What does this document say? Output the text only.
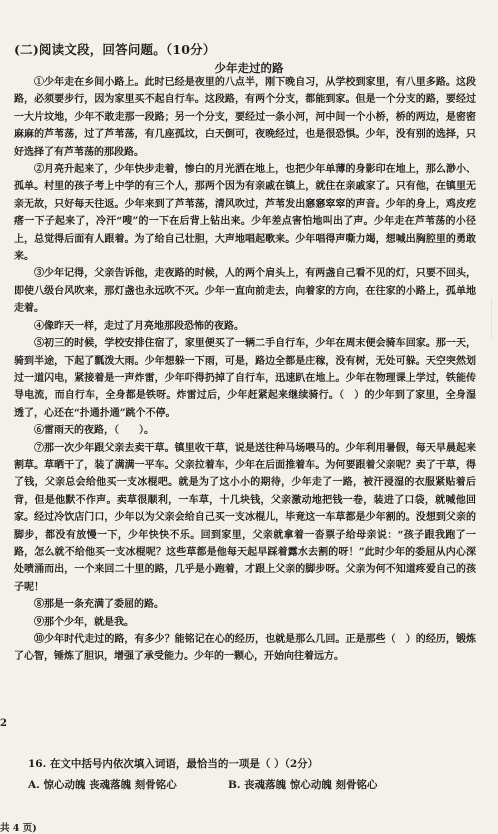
(二)阅读文段，回答问题。（10分）
少年走过的路

①少年走在乡间小路上。此时已经是夜里的八点半，刚下晚自习，从学校到家里，有八里多路。这段路，必须要步行，因为家里买不起自行车。这段路，有两个分支，都能到家。但是一个分支的路，要经过一大片坟地，少年不敢走那一段路；另一个分支，要经过一条小河，河中间一个小桥，桥的两边，是密密麻麻的芦苇荡，过了芦苇荡，有几座孤坟，白天倒可，夜晚经过，也是很恐惧。少年，没有别的选择，只好选择了有芦苇荡的那段路。

②月亮升起来了，少年快步走着，惨白的月光洒在地上，也把少年单薄的身影印在地上，那么渺小、孤单。村里的孩子考上中学的有三个人，那两个因为有亲戚在镇上，就住在亲戚家了。只有他，在镇里无亲无故，只好每天往返。少年来到了芦苇荡，清风吹过，芦苇发出窸窸窣窣的声音。少年的身上，鸡皮疙瘩一下子起来了，冷汗“嗖”的一下在后背上钻出来。少年差点害怕地叫出了声。少年走在芦苇荡的小径上，总觉得后面有人跟着。为了给自己壮胆，大声地唱起歌来。少年唱得声嘶力竭，想喊出胸腔里的勇敢来。

③少年记得，父亲告诉他，走夜路的时候，人的两个肩头上，有两盏自己看不见的灯，只要不回头，即使八级台风吹来，那灯盏也永远吹不灭。少年一直向前走去，向着家的方向，在往家的小路上，孤单地走着。

④像昨天一样，走过了月亮地那段恐怖的夜路。

⑤初三的时候，学校安排住宿了，家里便买了一辆二手自行车，少年在周末便会骑车回家。那一天，骑到半途，下起了瓢泼大雨。少年想躲一下雨，可是，路边全都是庄稼，没有树，无处可躲。天空突然划过一道闪电，紧接着是一声炸雷，少年吓得扔掉了自行车，迅速趴在地上。少年在物理课上学过，铁能传导电流，而自行车，全身都是铁呀。炸雷过后，少年赶紧起来继续骑行。（　）的少年到了家里，全身湿透了，心还在“扑通扑通”跳个不停。

⑥雷雨天的夜路，（　　）。

⑦那一次少年跟父亲去卖干草。镇里收干草，说是送往种马场喂马的。少年利用暑假，每天早晨起来割草。草晒干了，装了满满一平车。父亲拉着车，少年在后面推着车。为何要跟着父亲呢？卖了干草，得了钱，父亲总会给他买一支冰棍吧。就是为了这小小的期待，少年走了一路，被汗浸湿的衣服紧贴着后背，但是他默不作声。卖草很顺利，一车草，十几块钱，父亲激动地把钱一卷，装进了口袋，就喊他回家。经过冷饮店门口，少年以为父亲会给自己买一支冰棍儿，毕竟这一车草都是少年割的。没想到父亲的脚步，都没有放慢一下，少年快快不乐。回到家里，父亲就拿着一沓票子给母亲说：“孩子跟我跑了一路，怎么就不给他买一支冰棍呢？这些草都是他每天起早踩着露水去割的呀！”此时少年的委屈从内心深处喷涌而出，一个来回二十里的路，几乎是小跑着，才跟上父亲的脚步呀。父亲为何不知道疼爱自己的孩子呢！

⑧那是一条充满了委屈的路。

⑨那个少年，就是我。

⑩少年时代走过的路，有多少？能铭记在心的经历，也就是那么几回。正是那些（　）的经历，锻炼了心智，锤炼了胆识，增强了承受能力。少年的一颗心，开始向往着远方。

2

16. 在文中括号内依次填入词语，最恰当的一项是（ ）（2分）

A. 惊心动魄 丧魂落魄 刻骨铭心	B. 丧魂落魄 惊心动魄 刻骨铭心
共 4 页)
